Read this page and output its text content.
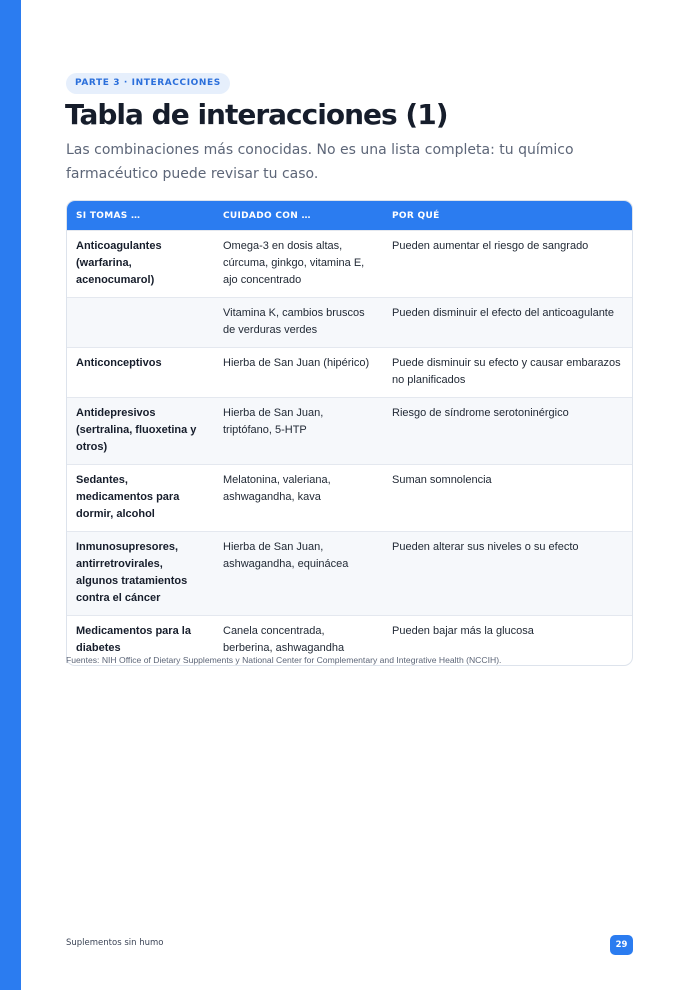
PARTE 3 · INTERACCIONES
Tabla de interacciones (1)

Las combinaciones más conocidas. No es una lista completa: tu químico farmacéutico puede revisar tu caso.

SI TOMAS …	CUIDADO CON …	POR QUÉ
Anticoagulantes (warfarina, acenocumarol)	Omega-3 en dosis altas, cúrcuma, ginkgo, vitamina E, ajo concentrado	Pueden aumentar el riesgo de sangrado
	Vitamina K, cambios bruscos de verduras verdes	Pueden disminuir el efecto del anticoagulante
Anticonceptivos	Hierba de San Juan (hipérico)	Puede disminuir su efecto y causar embarazos no planificados
Antidepresivos (sertralina, fluoxetina y otros)	Hierba de San Juan, triptófano, 5-HTP	Riesgo de síndrome serotoninérgico
Sedantes, medicamentos para dormir, alcohol	Melatonina, valeriana, ashwagandha, kava	Suman somnolencia
Inmunosupresores, antirretrovirales, algunos tratamientos contra el cáncer	Hierba de San Juan, ashwagandha, equinácea	Pueden alterar sus niveles o su efecto
Medicamentos para la diabetes	Canela concentrada, berberina, ashwagandha	Pueden bajar más la glucosa

Fuentes: NIH Office of Dietary Supplements y National Center for Complementary and Integrative Health (NCCIH).

Suplementos sin humo	29
